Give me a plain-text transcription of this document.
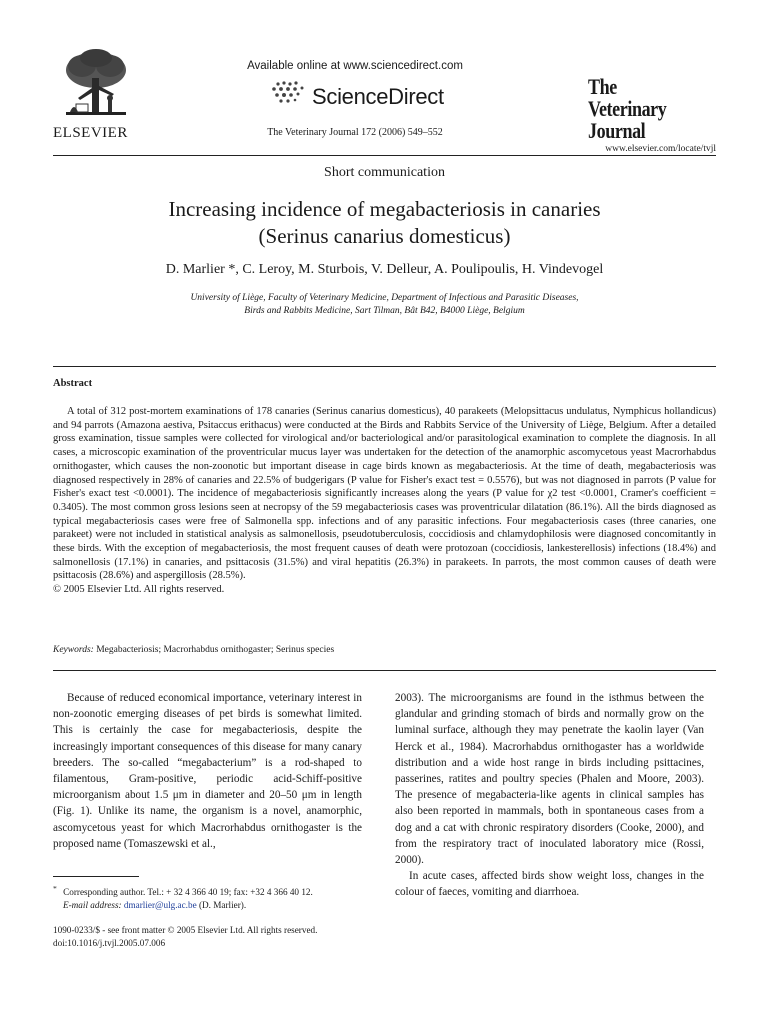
ELSEVIER
Available online at www.sciencedirect.com
ScienceDirect
The Veterinary Journal 172 (2006) 549–552
The
Veterinary Journal
www.elsevier.com/locate/tvjl
Short communication
Increasing incidence of megabacteriosis in canaries
(Serinus canarius domesticus)
D. Marlier *, C. Leroy, M. Sturbois, V. Delleur, A. Poulipoulis, H. Vindevogel
University of Liège, Faculty of Veterinary Medicine, Department of Infectious and Parasitic Diseases,
Birds and Rabbits Medicine, Sart Tilman, Bât B42, B4000 Liège, Belgium
Abstract

A total of 312 post-mortem examinations of 178 canaries (Serinus canarius domesticus), 40 parakeets (Melopsittacus undulatus, Nymphicus hollandicus) and 94 parrots (Amazona aestiva, Psitaccus erithacus) were conducted at the Birds and Rabbits Service of the University of Liège, Belgium. After a detailed gross examination, tissue samples were collected for virological and/or bacteriological and/or parasitological examination to complete the diagnosis. In all cases, a microscopic examination of the proventricular mucus layer was undertaken for the detection of the anamorphic ascomycetous yeast Macrorhabdus ornithogaster, which causes the non-zoonotic but important disease in cage birds known as megabacteriosis. At the time of death, megabacteriosis was diagnosed respectively in 28% of canaries and 22.5% of budgerigars (P value for Fisher's exact test = 0.5576), but was not diagnosed in parrots (P value for Fisher's exact test <0.0001). The incidence of megabacteriosis significantly increases along the years (P value for χ2 test <0.0001, Cramer's coefficient = 0.3405). The most common gross lesions seen at necropsy of the 59 megabacteriosis cases was proventricular dilatation (86.1%). All the birds diagnosed as typical megabacteriosis cases were free of Salmonella spp. infections and of any parasitic infections. Four megabacteriosis cases (three canaries, one parakeet) were not included in statistical analysis as salmonellosis, pseudotuberculosis, coccidiosis and chlamydophilosis were diagnosed concomitantly in these birds. With the exception of megabacteriosis, the most frequent causes of death were protozoan (coccidiosis, lankesterellosis) infections (18.4%) and salmonellosis (17.1%) in canaries, and psittacosis (31.5%) and viral hepatitis (26.3%) in parakeets. In parrots, the most common causes of death were psittacosis (28.6%) and aspergillosis (28.5%).

© 2005 Elsevier Ltd. All rights reserved.

Keywords: Megabacteriosis; Macrorhabdus ornithogaster; Serinus species

Because of reduced economical importance, veterinary interest in non-zoonotic emerging diseases of pet birds is somewhat limited. This is certainly the case for megabacteriosis, despite the increasingly important consequences of this disease for many canary breeders. The so-called “megabacterium” is a rod-shaped to filamentous, Gram-positive, periodic acid-Schiff-positive microorganism about 1.5 μm in diameter and 20–50 μm in length (Fig. 1). Unlike its name, the organism is a novel, anamorphic, ascomycetous yeast for which Macrorhabdus ornithogaster is the proposed name (Tomaszewski et al.,

2003). The microorganisms are found in the isthmus between the glandular and grinding stomach of birds and normally grow on the luminal surface, although they may penetrate the kaolin layer (Van Herck et al., 1984). Macrorhabdus ornithogaster has a worldwide distribution and a wide host range in birds including psittacines, passerines, ratites and poultry species (Phalen and Moore, 2003). The presence of megabacteria-like agents in clinical samples has also been reported in mammals, both in spontaneous cases from a dog and a cat with chronic respiratory disorders (Cooke, 2000), and from the respiratory tract of inoculated laboratory mice (Rossi, 2000).

In acute cases, affected birds show weight loss, changes in the colour of faeces, vomiting and diarrhoea.

* Corresponding author. Tel.: + 32 4 366 40 19; fax: +32 4 366 40 12.
E-mail address: dmarlier@ulg.ac.be (D. Marlier).
1090-0233/$ - see front matter © 2005 Elsevier Ltd. All rights reserved.
doi:10.1016/j.tvjl.2005.07.006
